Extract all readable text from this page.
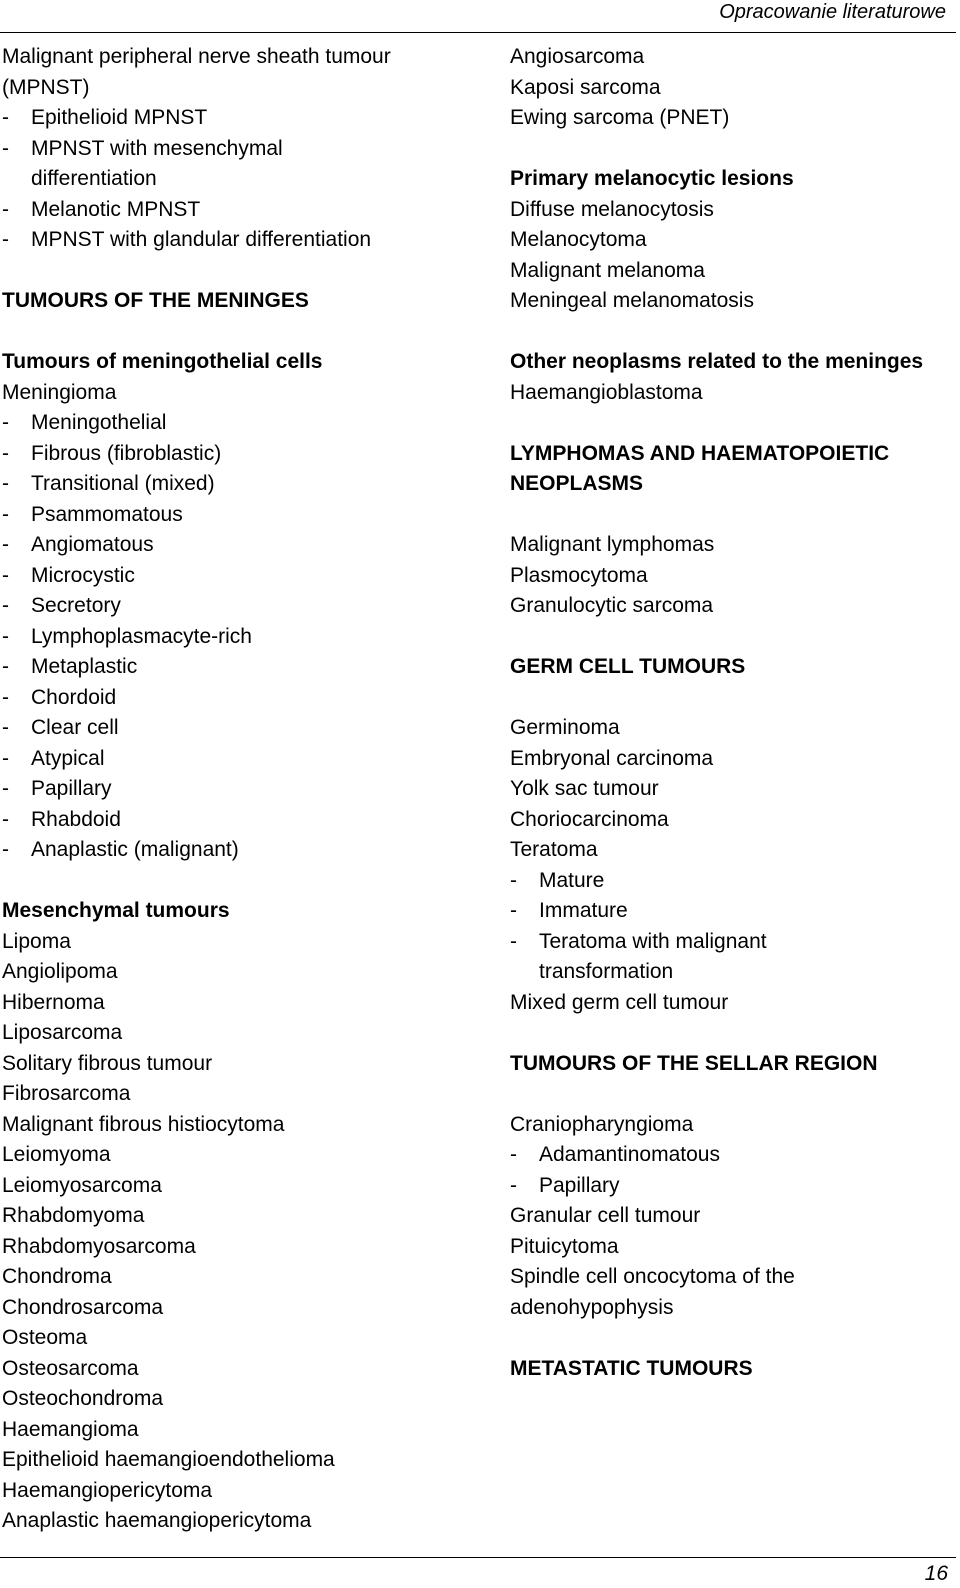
Opracowanie literaturowe
Malignant peripheral nerve sheath tumour
(MPNST)
- Epithelioid MPNST
- MPNST with mesenchymal
differentiation
- Melanotic MPNST
- MPNST with glandular differentiation
TUMOURS OF THE MENINGES
Tumours of meningothelial cells
Meningioma
- Meningothelial
- Fibrous (fibroblastic)
- Transitional (mixed)
- Psammomatous
- Angiomatous
- Microcystic
- Secretory
- Lymphoplasmacyte-rich
- Metaplastic
- Chordoid
- Clear cell
- Atypical
- Papillary
- Rhabdoid
- Anaplastic (malignant)
Mesenchymal tumours
Lipoma
Angiolipoma
Hibernoma
Liposarcoma
Solitary fibrous tumour
Fibrosarcoma
Malignant fibrous histiocytoma
Leiomyoma
Leiomyosarcoma
Rhabdomyoma
Rhabdomyosarcoma
Chondroma
Chondrosarcoma
Osteoma
Osteosarcoma
Osteochondroma
Haemangioma
Epithelioid haemangioendothelioma
Haemangiopericytoma
Anaplastic haemangiopericytoma
Angiosarcoma
Kaposi sarcoma
Ewing sarcoma (PNET)
Primary melanocytic lesions
Diffuse melanocytosis
Melanocytoma
Malignant melanoma
Meningeal melanomatosis
Other neoplasms related to the meninges
Haemangioblastoma
LYMPHOMAS AND HAEMATOPOIETIC
NEOPLASMS
Malignant lymphomas
Plasmocytoma
Granulocytic sarcoma
GERM CELL TUMOURS
Germinoma
Embryonal carcinoma
Yolk sac tumour
Choriocarcinoma
Teratoma
- Mature
- Immature
- Teratoma with malignant
transformation
Mixed germ cell tumour
TUMOURS OF THE SELLAR REGION
Craniopharyngioma
- Adamantinomatous
- Papillary
Granular cell tumour
Pituicytoma
Spindle cell oncocytoma of the
adenohypophysis
METASTATIC TUMOURS
16
